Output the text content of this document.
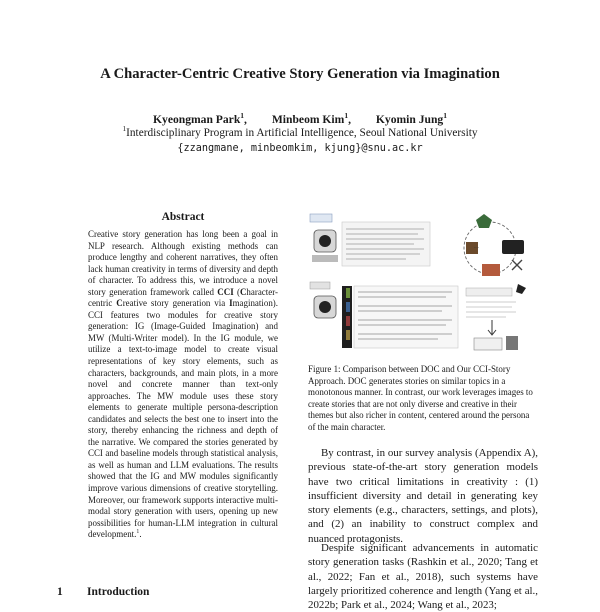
A Character-Centric Creative Story Generation via Imagination
Kyeongman Park$^1$, Minbeom Kim$^1$, Kyomin Jung$^1$
$^1$Interdisciplinary Program in Artificial Intelligence, Seoul National University
{zzangmane, minbeomkim, kjung}@snu.ac.kr
Abstract
Creative story generation has long been a goal in NLP research. Although existing methods can produce lengthy and coherent narratives, they often lack human creativity in terms of diversity and depth of character. To address this, we introduce a novel story generation framework called CCI (Character-centric Creative story generation via Imagination). CCI features two modules for creative story generation: IG (Image-Guided Imagination) and MW (Multi-Writer model). In the IG module, we utilize a text-to-image model to create visual representations of key story elements, such as characters, backgrounds, and main plots, in a more novel and concrete manner than text-only approaches. The MW module uses these story elements to generate multiple persona-description candidates and selects the best one to insert into the story, thereby enhancing the richness and depth of the narrative. We compared the stories generated by CCI and baseline models through statistical analysis, as well as human and LLM evaluations. The results showed that the IG and MW modules significantly improve various dimensions of creative storytelling. Moreover, our framework supports interactive multi-modal story generation with users, opening up new possibilities for human-LLM integration in cultural development.$^1$.
1 Introduction
....
Figure 1: Comparison between DOC and Our CCI-Story Approach. DOC generates stories on similar topics in a monotonous manner. In contrast, our work leverages images to create stories that are not only diverse and creative in their themes but also richer in content, centered around the persona of the main character.
By contrast, in our survey analysis (Appendix A), previous state-of-the-art story generation models have two critical limitations in creativity : (1) insufficient diversity and detail in generating key story elements (e.g., characters, settings, and plots), and (2) an inability to construct complex and nuanced protagonists.
Despite significant advancements in automatic story generation tasks (Rashkin et al., 2020; Tang et al., 2022; Fan et al., 2018), such systems have largely prioritized coherence and length (Yang et al., 2022b; Park et al., 2024; Wang et al., 2023;
